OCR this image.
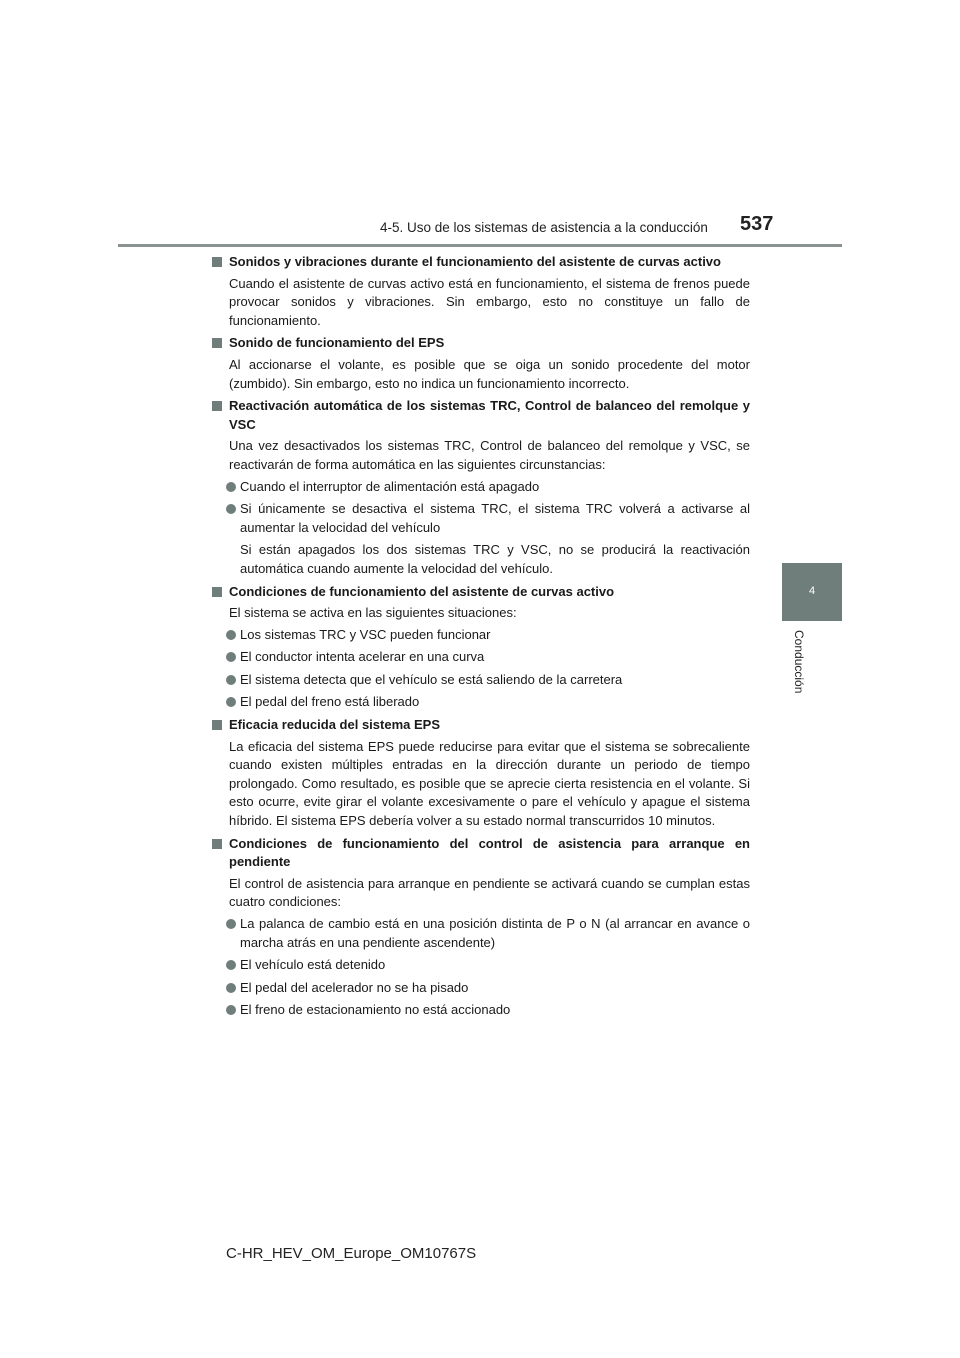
4-5. Uso de los sistemas de asistencia a la conducción 537
4
Conducción
Sonidos y vibraciones durante el funcionamiento del asistente de curvas activo
Cuando el asistente de curvas activo está en funcionamiento, el sistema de frenos puede provocar sonidos y vibraciones. Sin embargo, esto no constituye un fallo de funcionamiento.
Sonido de funcionamiento del EPS
Al accionarse el volante, es posible que se oiga un sonido procedente del motor (zumbido). Sin embargo, esto no indica un funcionamiento incorrecto.
Reactivación automática de los sistemas TRC, Control de balanceo del remolque y VSC
Una vez desactivados los sistemas TRC, Control de balanceo del remolque y VSC, se reactivarán de forma automática en las siguientes circunstancias:
Cuando el interruptor de alimentación está apagado
Si únicamente se desactiva el sistema TRC, el sistema TRC volverá a activarse al aumentar la velocidad del vehículo
Si están apagados los dos sistemas TRC y VSC, no se producirá la reactivación automática cuando aumente la velocidad del vehículo.
Condiciones de funcionamiento del asistente de curvas activo
El sistema se activa en las siguientes situaciones:
Los sistemas TRC y VSC pueden funcionar
El conductor intenta acelerar en una curva
El sistema detecta que el vehículo se está saliendo de la carretera
El pedal del freno está liberado
Eficacia reducida del sistema EPS
La eficacia del sistema EPS puede reducirse para evitar que el sistema se sobrecaliente cuando existen múltiples entradas en la dirección durante un periodo de tiempo prolongado. Como resultado, es posible que se aprecie cierta resistencia en el volante. Si esto ocurre, evite girar el volante excesivamente o pare el vehículo y apague el sistema híbrido. El sistema EPS debería volver a su estado normal transcurridos 10 minutos.
Condiciones de funcionamiento del control de asistencia para arranque en pendiente
El control de asistencia para arranque en pendiente se activará cuando se cumplan estas cuatro condiciones:
La palanca de cambio está en una posición distinta de P o N (al arrancar en avance o marcha atrás en una pendiente ascendente)
El vehículo está detenido
El pedal del acelerador no se ha pisado
El freno de estacionamiento no está accionado
C-HR_HEV_OM_Europe_OM10767S
